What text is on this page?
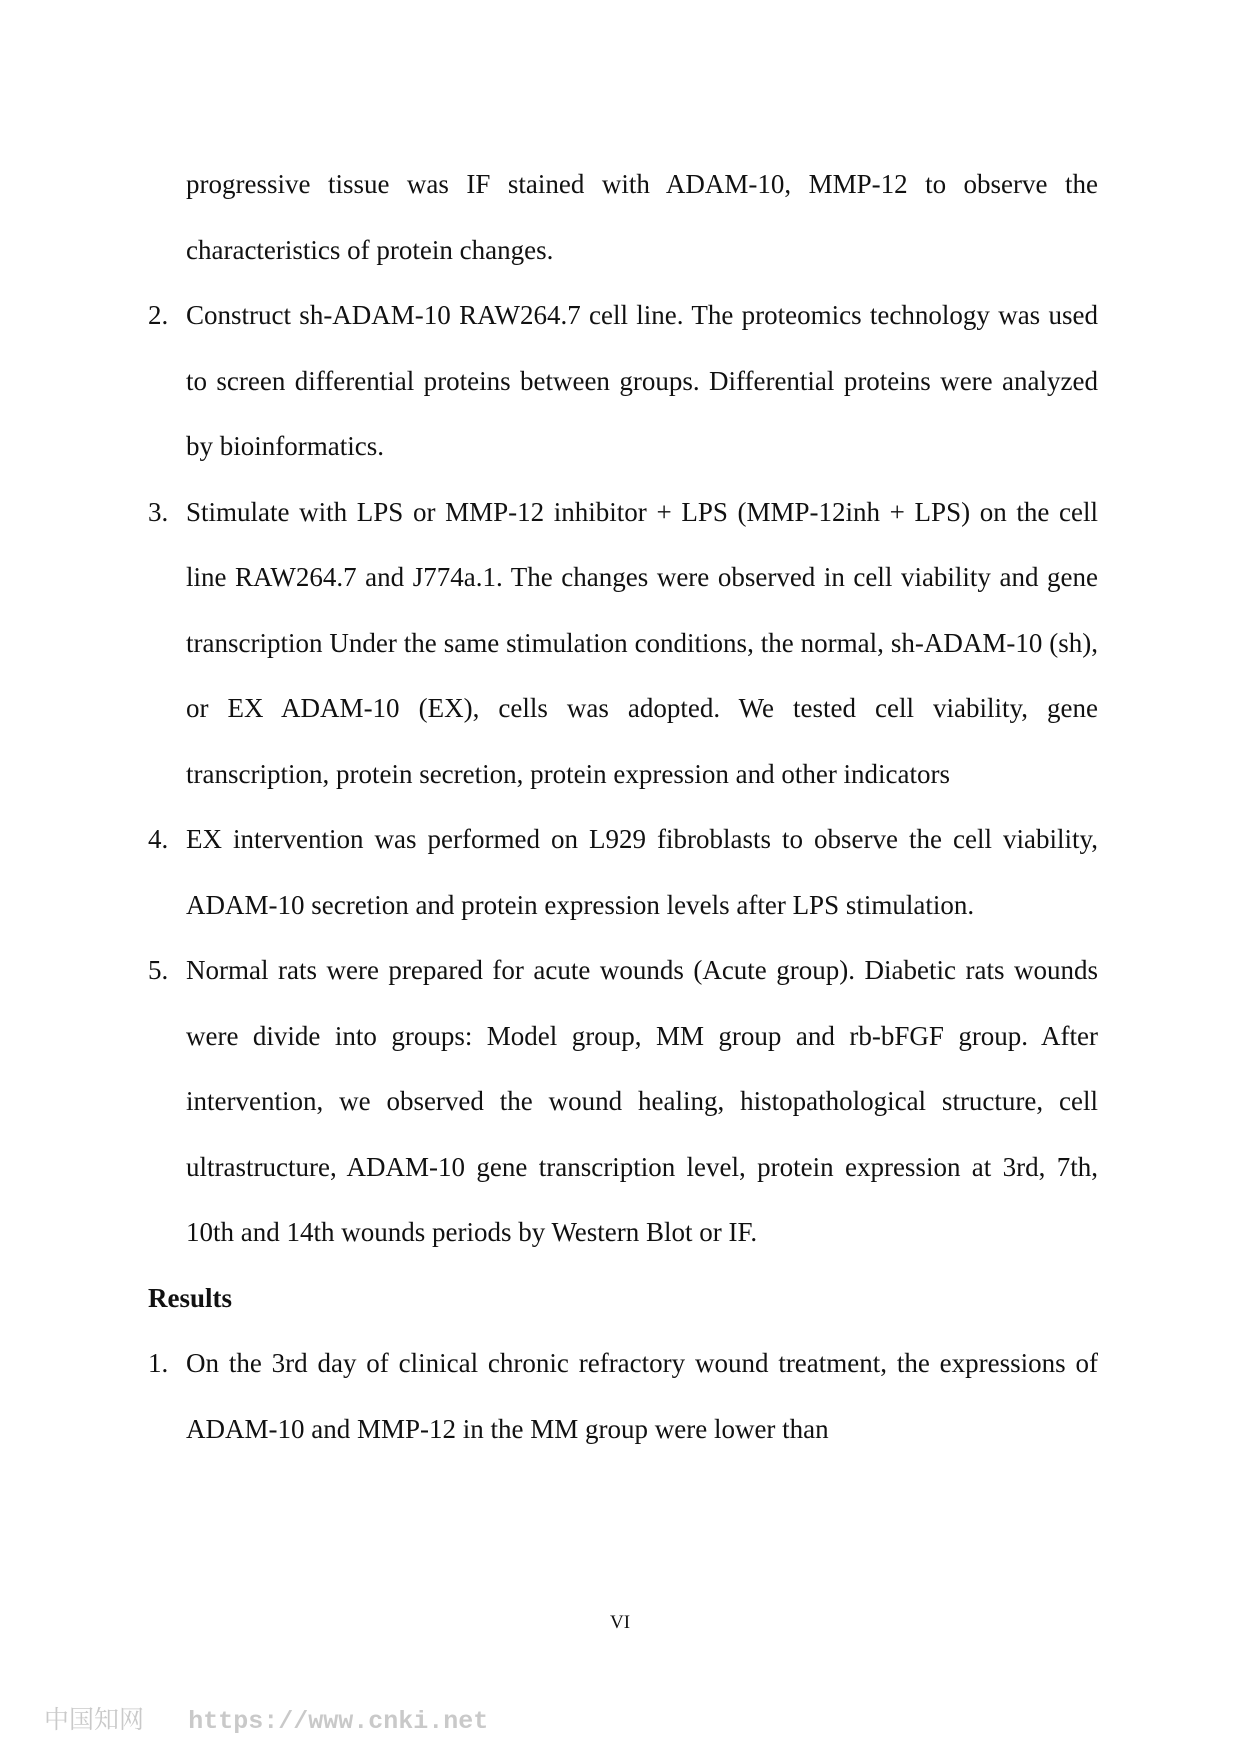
progressive tissue was IF stained with ADAM-10, MMP-12 to observe the characteristics of protein changes.
2. Construct sh-ADAM-10 RAW264.7 cell line. The proteomics technology was used to screen differential proteins between groups. Differential proteins were analyzed by bioinformatics.
3. Stimulate with LPS or MMP-12 inhibitor + LPS (MMP-12inh + LPS) on the cell line RAW264.7 and J774a.1. The changes were observed in cell viability and gene transcription Under the same stimulation conditions, the normal, sh-ADAM-10 (sh), or EX ADAM-10 (EX), cells was adopted. We tested cell viability, gene transcription, protein secretion, protein expression and other indicators
4. EX intervention was performed on L929 fibroblasts to observe the cell viability, ADAM-10 secretion and protein expression levels after LPS stimulation.
5. Normal rats were prepared for acute wounds (Acute group). Diabetic rats wounds were divide into groups: Model group, MM group and rb-bFGF group. After intervention, we observed the wound healing, histopathological structure, cell ultrastructure, ADAM-10 gene transcription level, protein expression at 3rd, 7th, 10th and 14th wounds periods by Western Blot or IF.
Results
1. On the 3rd day of clinical chronic refractory wound treatment, the expressions of ADAM-10 and MMP-12 in the MM group were lower than
VI
中国知网 https://www.cnki.net
